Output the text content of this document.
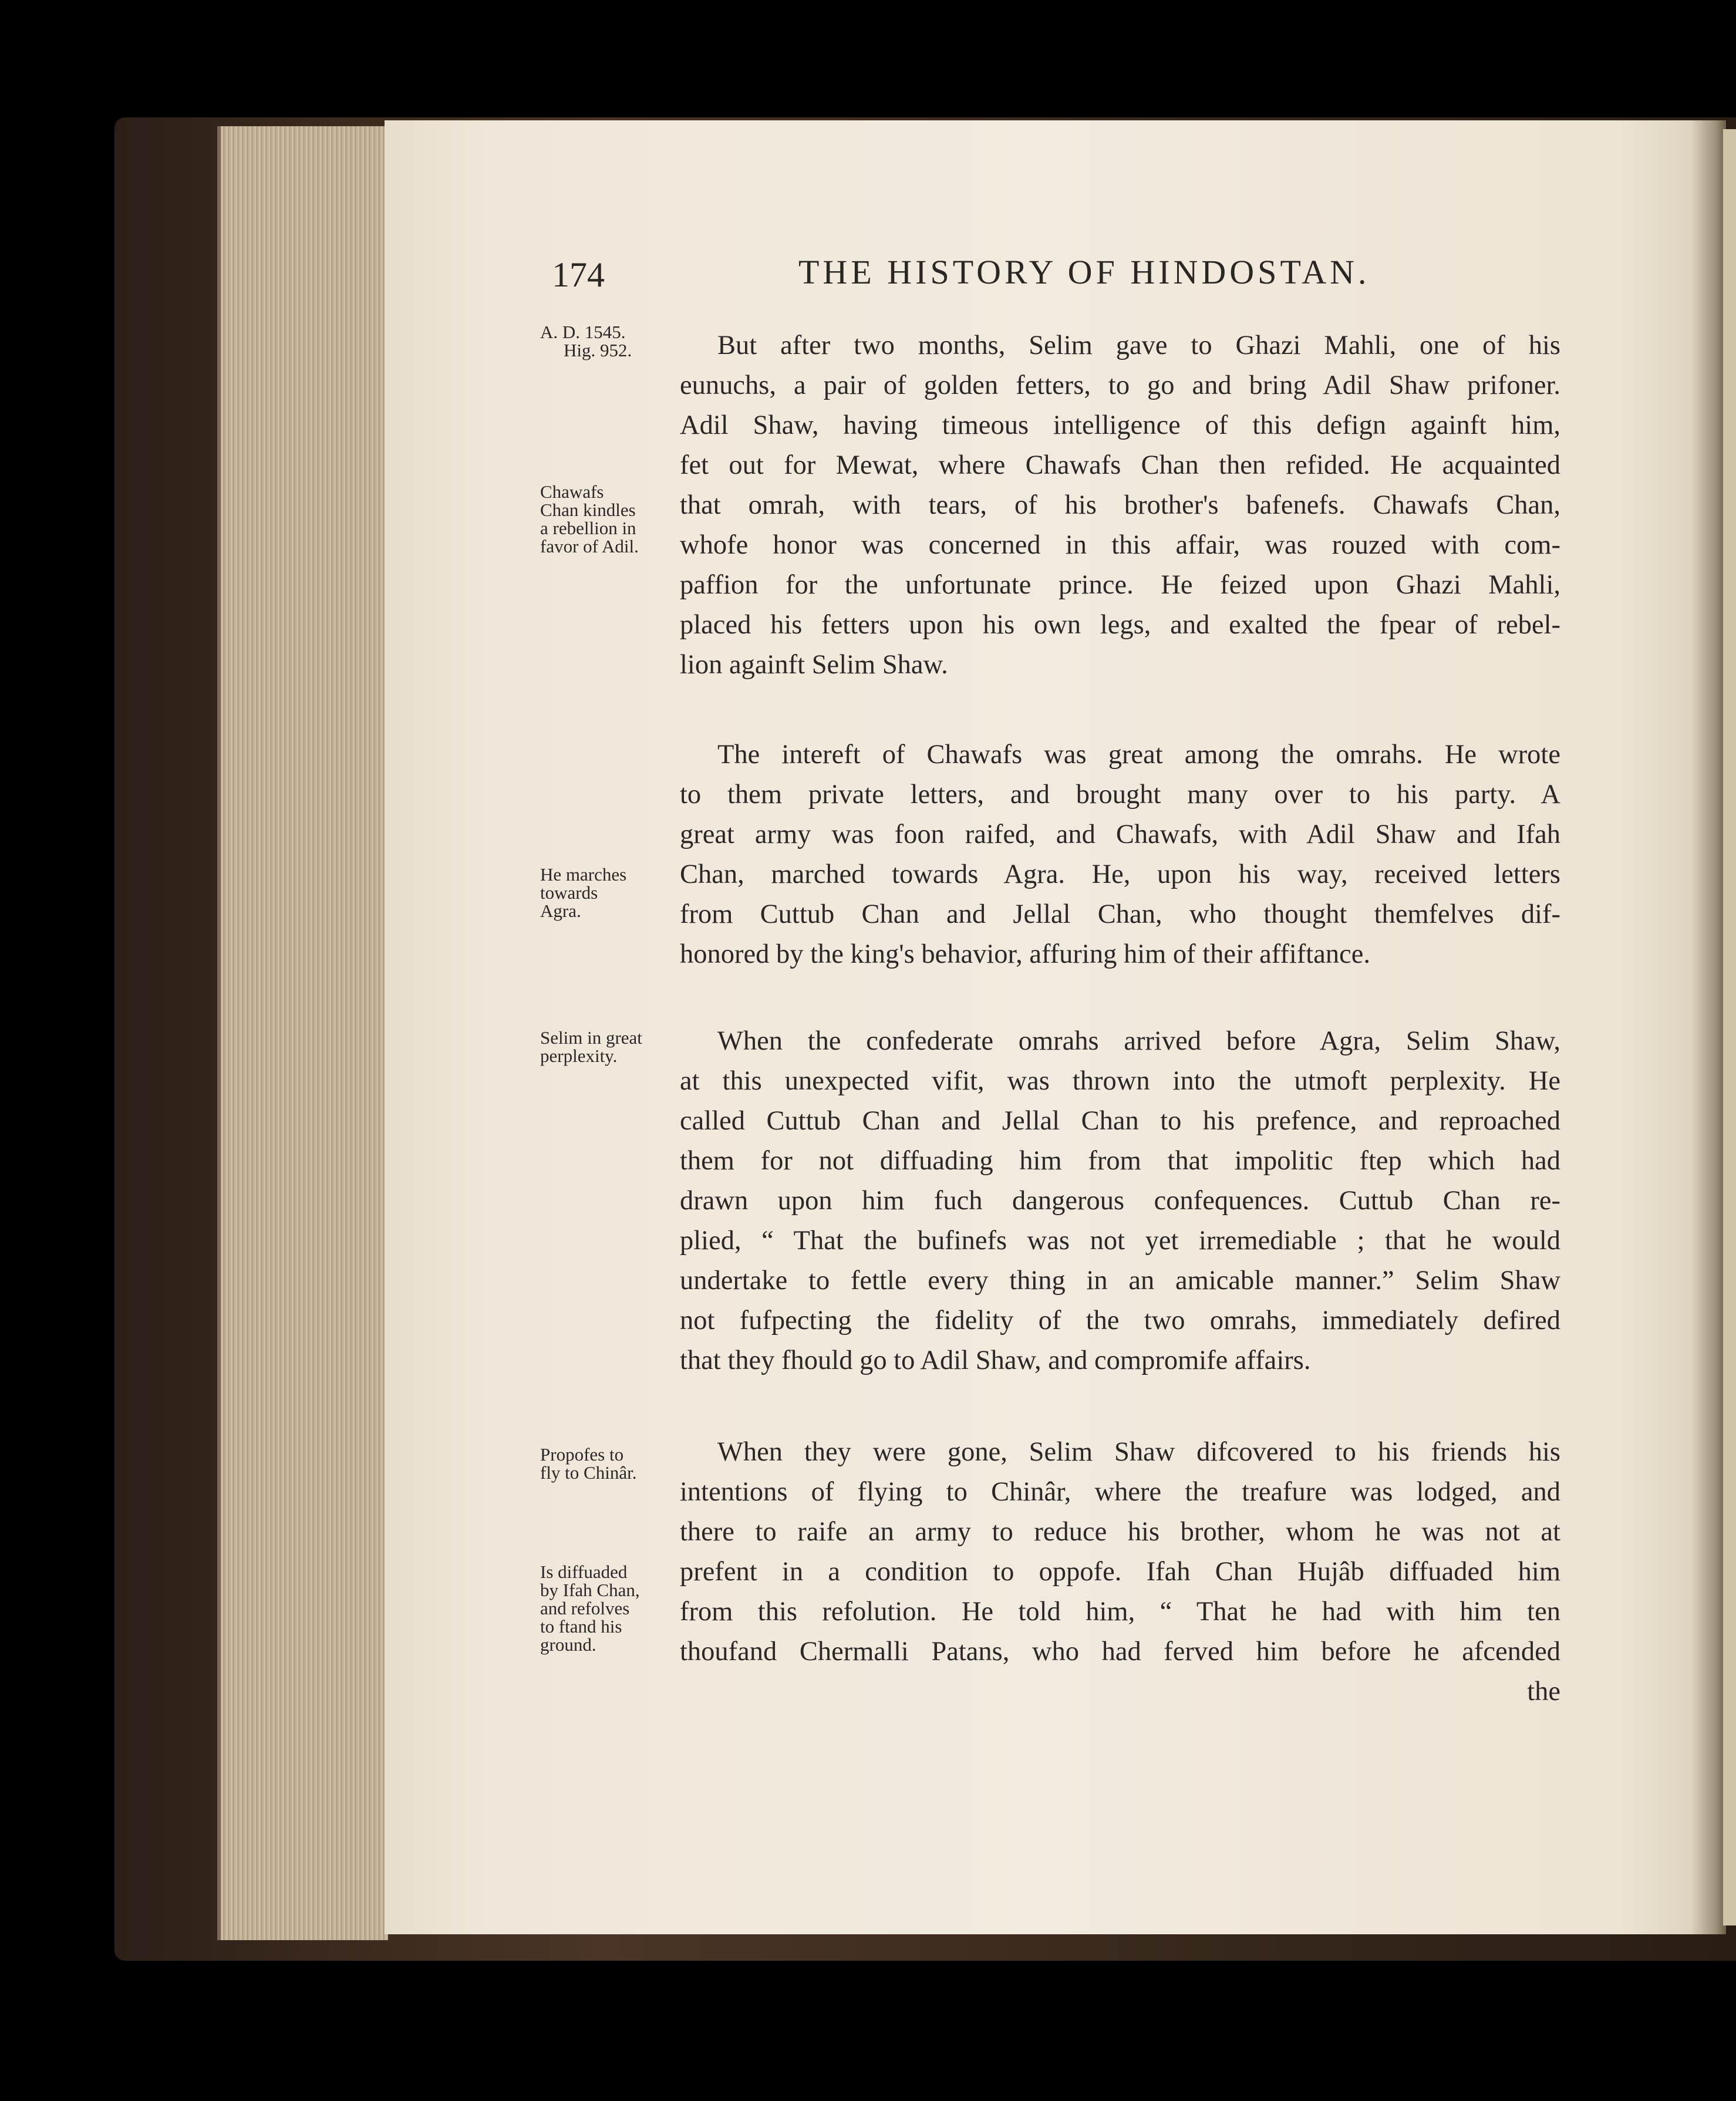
174	THE HISTORY OF HINDOSTAN.
A. D. 1545.
Hig. 952.
Chawafs
Chan kindles
a rebellion in
favor of Adil.
He marches
towards
Agra.
Selim in great
perplexity.
Propofes to
fly to Chinâr.
Is diffuaded
by Ifah Chan,
and refolves
to ftand his
ground.
But after two months, Selim gave to Ghazi Mahli, one of his
eunuchs, a pair of golden fetters, to go and bring Adil Shaw prifoner.
Adil Shaw, having timeous intelligence of this defign againft him,
fet out for Mewat, where Chawafs Chan then refided. He acquainted
that omrah, with tears, of his brother's bafenefs. Chawafs Chan,
whofe honor was concerned in this affair, was rouzed with com-
paffion for the unfortunate prince. He feized upon Ghazi Mahli,
placed his fetters upon his own legs, and exalted the fpear of rebel-
lion againft Selim Shaw.
The intereft of Chawafs was great among the omrahs. He wrote
to them private letters, and brought many over to his party. A
great army was foon raifed, and Chawafs, with Adil Shaw and Ifah
Chan, marched towards Agra. He, upon his way, received letters
from Cuttub Chan and Jellal Chan, who thought themfelves dif-
honored by the king's behavior, affuring him of their affiftance.
When the confederate omrahs arrived before Agra, Selim Shaw,
at this unexpected vifit, was thrown into the utmoft perplexity. He
called Cuttub Chan and Jellal Chan to his prefence, and reproached
them for not diffuading him from that impolitic ftep which had
drawn upon him fuch dangerous confequences. Cuttub Chan re-
plied, “ That the bufinefs was not yet irremediable ; that he would
undertake to fettle every thing in an amicable manner.” Selim Shaw
not fufpecting the fidelity of the two omrahs, immediately defired
that they fhould go to Adil Shaw, and compromife affairs.
When they were gone, Selim Shaw difcovered to his friends his
intentions of flying to Chinâr, where the treafure was lodged, and
there to raife an army to reduce his brother, whom he was not at
prefent in a condition to oppofe. Ifah Chan Hujâb diffuaded him
from this refolution. He told him, “ That he had with him ten
thoufand Chermalli Patans, who had ferved him before he afcended
the
